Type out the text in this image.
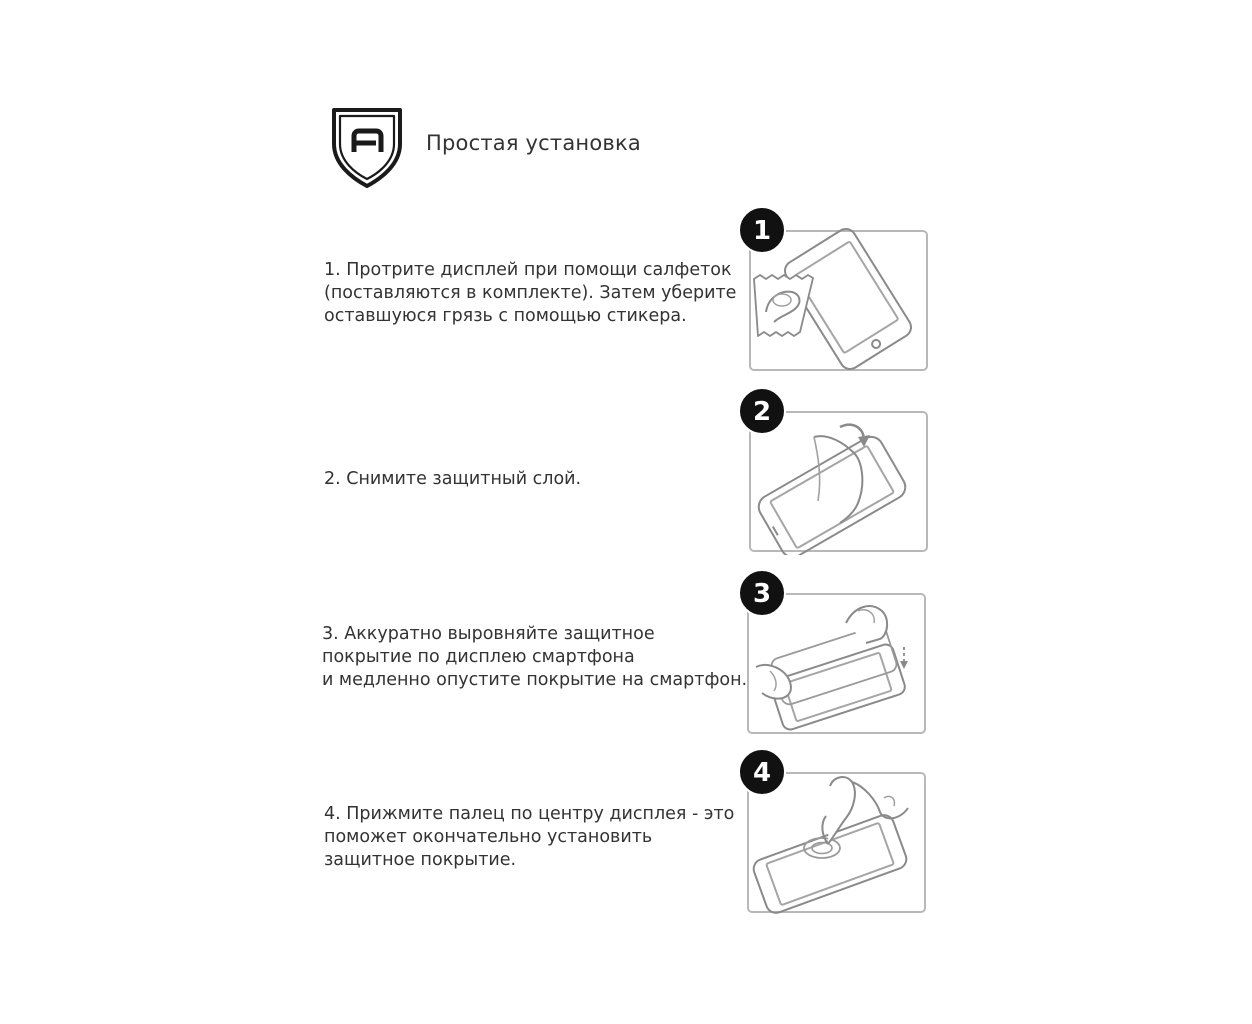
Простая установка
1. Протрите дисплей при помощи салфеток
(поставляются в комплекте). Затем уберите
оставшуюся грязь с помощью стикера.
1
2. Снимите защитный слой.
2
3. Аккуратно выровняйте защитное
покрытие по дисплею смартфона
и медленно опустите покрытие на смартфон.
3
4. Прижмите палец по центру дисплея - это
поможет окончательно установить
защитное покрытие.
4
